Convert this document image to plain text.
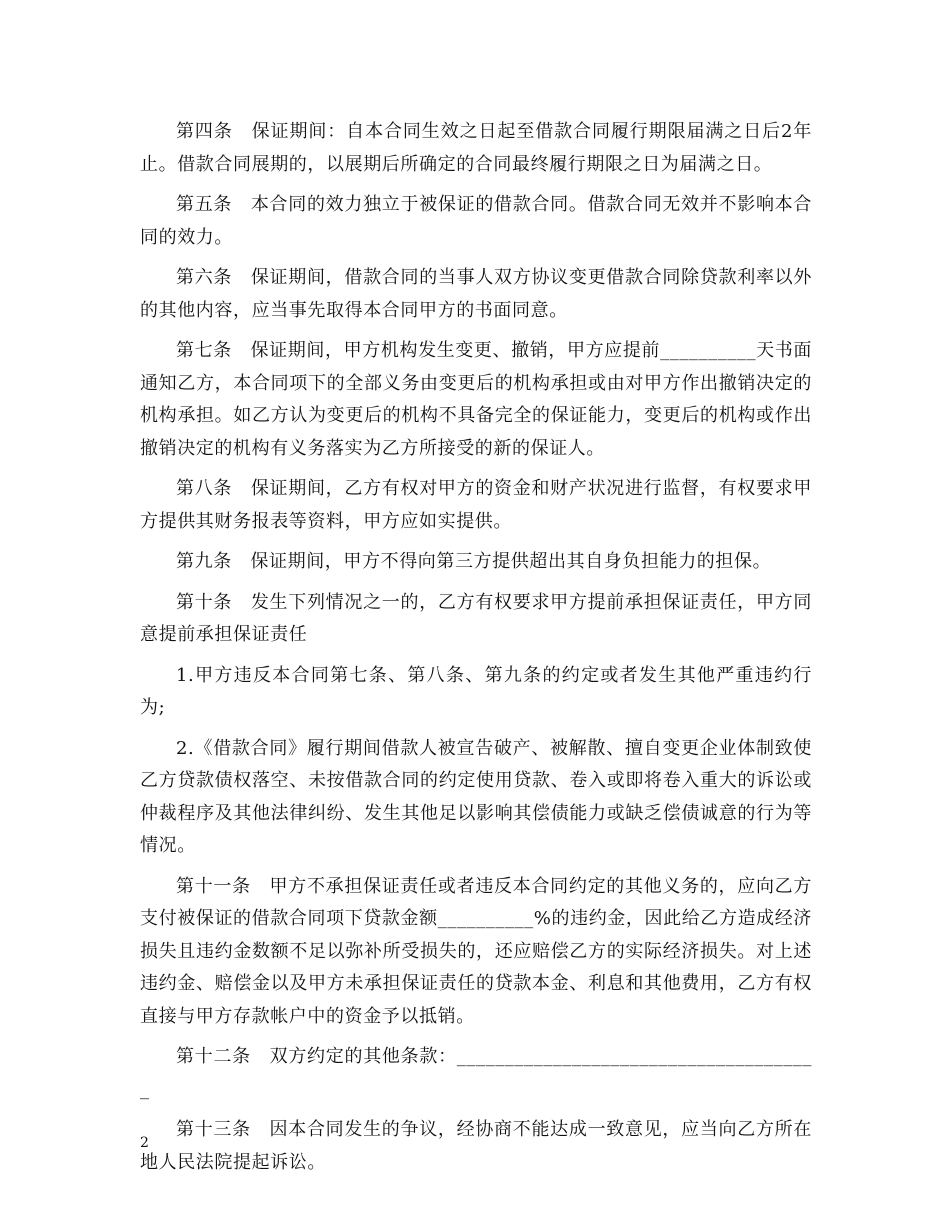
第四条　保证期间：自本合同生效之日起至借款合同履行期限届满之日后2年止。借款合同展期的，以展期后所确定的合同最终履行期限之日为届满之日。

第五条　本合同的效力独立于被保证的借款合同。借款合同无效并不影响本合同的效力。

第六条　保证期间，借款合同的当事人双方协议变更借款合同除贷款利率以外的其他内容，应当事先取得本合同甲方的书面同意。

第七条　保证期间，甲方机构发生变更、撤销，甲方应提前__________天书面通知乙方，本合同项下的全部义务由变更后的机构承担或由对甲方作出撤销决定的机构承担。如乙方认为变更后的机构不具备完全的保证能力，变更后的机构或作出撤销决定的机构有义务落实为乙方所接受的新的保证人。

第八条　保证期间，乙方有权对甲方的资金和财产状况进行监督，有权要求甲方提供其财务报表等资料，甲方应如实提供。

第九条　保证期间，甲方不得向第三方提供超出其自身负担能力的担保。

第十条　发生下列情况之一的，乙方有权要求甲方提前承担保证责任，甲方同意提前承担保证责任

1.甲方违反本合同第七条、第八条、第九条的约定或者发生其他严重违约行为;

2.《借款合同》履行期间借款人被宣告破产、被解散、擅自变更企业体制致使乙方贷款债权落空、未按借款合同的约定使用贷款、卷入或即将卷入重大的诉讼或仲裁程序及其他法律纠纷、发生其他足以影响其偿债能力或缺乏偿债诚意的行为等情况。

第十一条　甲方不承担保证责任或者违反本合同约定的其他义务的，应向乙方支付被保证的借款合同项下贷款金额__________%的违约金，因此给乙方造成经济损失且违约金数额不足以弥补所受损失的，还应赔偿乙方的实际经济损失。对上述违约金、赔偿金以及甲方未承担保证责任的贷款本金、利息和其他费用，乙方有权直接与甲方存款帐户中的资金予以抵销。

第十二条　双方约定的其他条款：______________________________________

第十三条　因本合同发生的争议，经协商不能达成一致意见，应当向乙方所在地人民法院提起诉讼。

2
